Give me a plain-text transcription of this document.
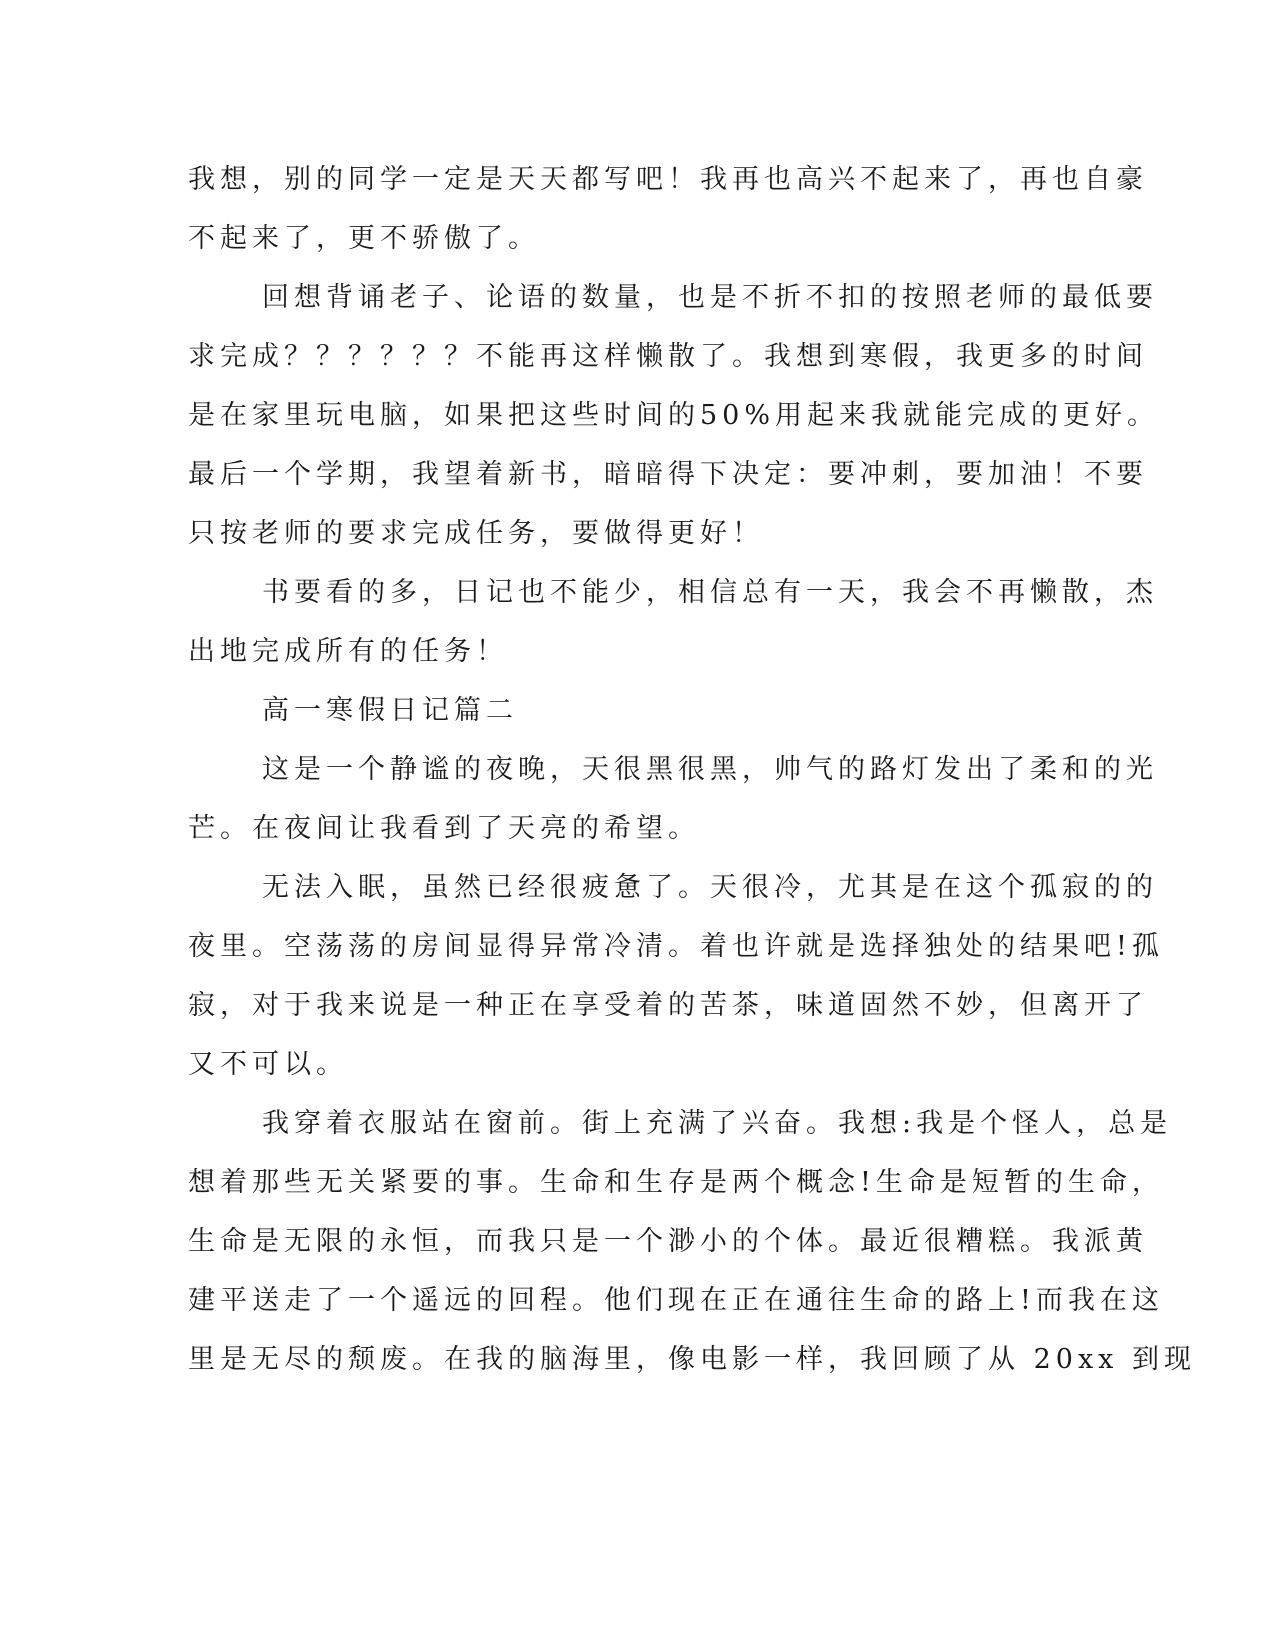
我想，别的同学一定是天天都写吧！我再也高兴不起来了，再也自豪
不起来了，更不骄傲了。
回想背诵老子、论语的数量，也是不折不扣的按照老师的最低要
求完成？？？？？？不能再这样懒散了。我想到寒假，我更多的时间
是在家里玩电脑，如果把这些时间的50%用起来我就能完成的更好。
最后一个学期，我望着新书，暗暗得下决定：要冲刺，要加油！不要
只按老师的要求完成任务，要做得更好！
书要看的多，日记也不能少，相信总有一天，我会不再懒散，杰
出地完成所有的任务！
高一寒假日记篇二
这是一个静谧的夜晚，天很黑很黑，帅气的路灯发出了柔和的光
芒。在夜间让我看到了天亮的希望。
无法入眠，虽然已经很疲惫了。天很冷，尤其是在这个孤寂的的
夜里。空荡荡的房间显得异常冷清。着也许就是选择独处的结果吧!孤
寂，对于我来说是一种正在享受着的苦茶，味道固然不妙，但离开了
又不可以。
我穿着衣服站在窗前。街上充满了兴奋。我想:我是个怪人，总是
想着那些无关紧要的事。生命和生存是两个概念!生命是短暂的生命，
生命是无限的永恒，而我只是一个渺小的个体。最近很糟糕。我派黄
建平送走了一个遥远的回程。他们现在正在通往生命的路上!而我在这
里是无尽的颓废。在我的脑海里，像电影一样，我回顾了从 20xx 到现
